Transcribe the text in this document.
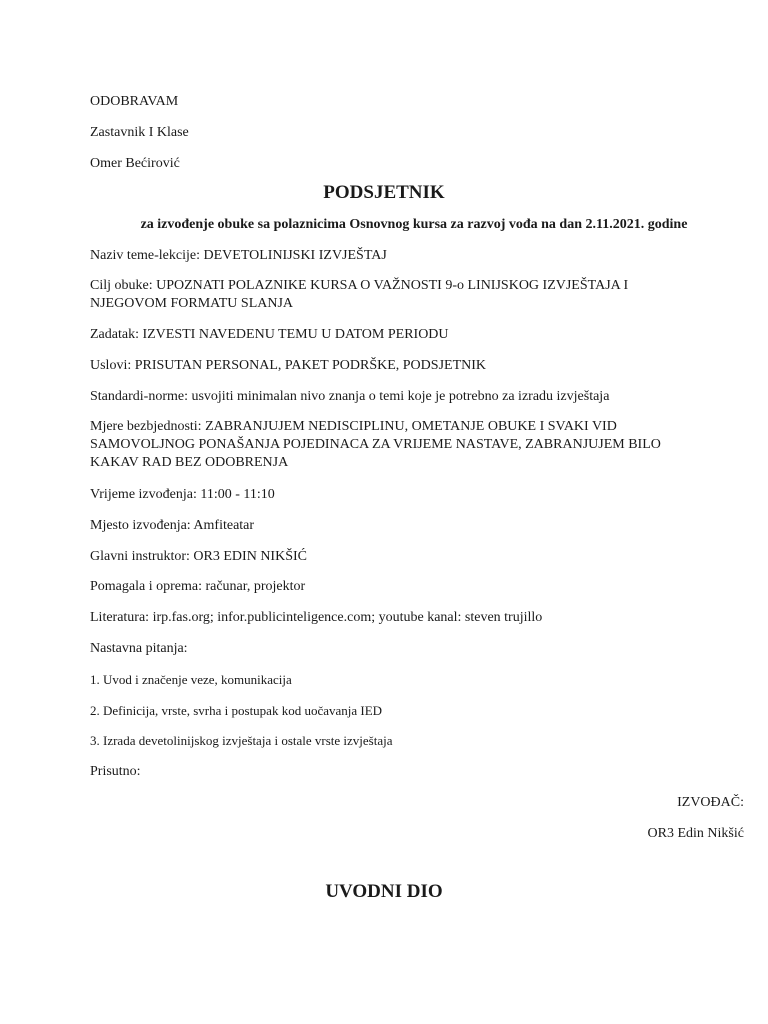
ODOBRAVAM
Zastavnik I Klase
Omer Bećirović
PODSJETNIK
za izvođenje obuke sa polaznicima Osnovnog kursa za razvoj vođa na dan 2.11.2021. godine
Naziv teme-lekcije: DEVETOLINIJSKI IZVJEŠTAJ
Cilj obuke: UPOZNATI POLAZNIKE KURSA O VAŽNOSTI 9-o LINIJSKOG IZVJEŠTAJA I NJEGOVOM FORMATU SLANJA
Zadatak: IZVESTI NAVEDENU TEMU U DATOM PERIODU
Uslovi: PRISUTAN PERSONAL, PAKET PODRŠKE, PODSJETNIK
Standardi-norme: usvojiti minimalan nivo znanja o temi koje je potrebno za izradu izvještaja
Mjere bezbjednosti: ZABRANJUJEM NEDISCIPLINU, OMETANJE OBUKE I SVAKI VID SAMOVOLJNOG PONAŠANJA POJEDINACA ZA VRIJEME NASTAVE, ZABRANJUJEM BILO KAKAV RAD BEZ ODOBRENJA
Vrijeme izvođenja: 11:00 - 11:10
Mjesto izvođenja: Amfiteatar
Glavni instruktor: OR3 EDIN NIKŠIĆ
Pomagala i oprema: računar, projektor
Literatura: irp.fas.org; infor.publicinteligence.com; youtube kanal: steven trujillo
Nastavna pitanja:
1. Uvod i značenje veze, komunikacija
2. Definicija, vrste, svrha i postupak kod uočavanja IED
3. Izrada devetolinijskog izvještaja i ostale vrste izvještaja
Prisutno:
IZVOĐAČ:
OR3 Edin Nikšić
UVODNI DIO
